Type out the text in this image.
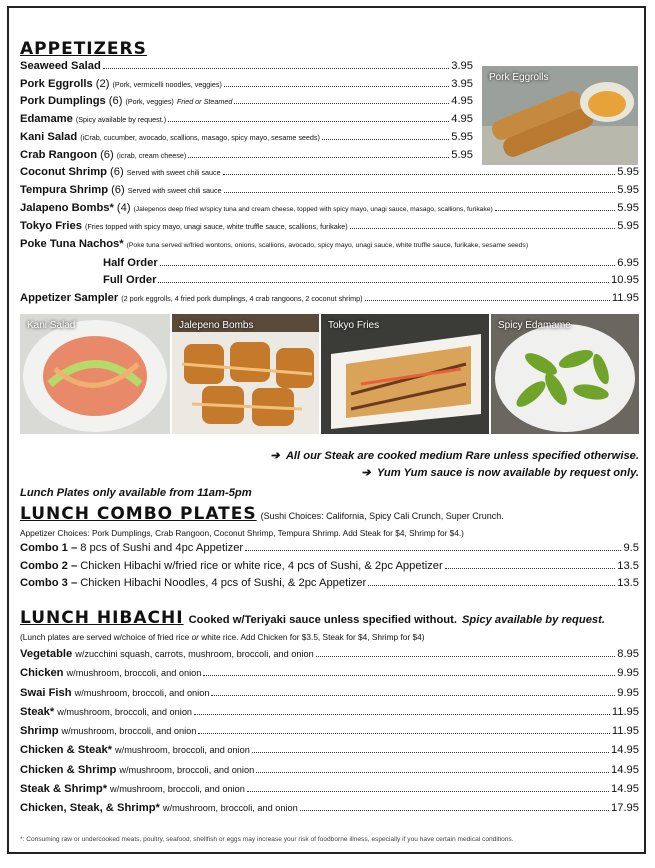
APPETIZERS
Seaweed Salad	3.95
Pork Eggrolls (2) (Pork, vermicelli noodles, veggies)	3.95
Pork Dumplings (6) (Pork, veggies) Fried or Steamed	4.95
Edamame (Spicy available by request.)	4.95
Kani Salad (iCrab, cucumber, avocado, scallions, masago, spicy mayo, sesame seeds)	5.95
Crab Rangoon (6) (icrab, cream cheese)	5.95
Coconut Shrimp (6) Served with sweet chili sauce	5.95
Tempura Shrimp (6) Served with sweet chili sauce	5.95
Jalapeno Bombs* (4) (Jalepenos deep fried w/spicy tuna and cream cheese, topped with spicy mayo, unagi sauce, masago, scallions, furikake)	5.95
Tokyo Fries (Fries topped with spicy mayo, unagi sauce, white truffle sauce, scallions, furikake)	5.95
Poke Tuna Nachos* (Poke tuna served w/fried wontons, onions, scallions, avocado, spicy mayo, unagi sauce, white truffle sauce, furikake, sesame seeds)
Half Order	6.95
Full Order	10.95
Appetizer Sampler (2 pork eggrolls, 4 fried pork dumplings, 4 crab rangoons, 2 coconut shrimp)	11.95
Pork Eggrolls
Kani Salad	Jalepeno Bombs	Tokyo Fries	Spicy Edamame
➔ All our Steak are cooked medium Rare unless specified otherwise.
➔ Yum Yum sauce is now available by request only.
Lunch Plates only available from 11am-5pm
LUNCH COMBO PLATES (Sushi Choices: California, Spicy Cali Crunch, Super Crunch.
Appetizer Choices: Pork Dumplings, Crab Rangoon, Coconut Shrimp, Tempura Shrimp. Add Steak for $4, Shrimp for $4.)
Combo 1 – 8 pcs of Sushi and 4pc Appetizer	9.5
Combo 2 – Chicken Hibachi w/fried rice or white rice, 4 pcs of Sushi, & 2pc Appetizer	13.5
Combo 3 – Chicken Hibachi Noodles, 4 pcs of Sushi, & 2pc Appetizer	13.5
LUNCH HIBACHI Cooked w/Teriyaki sauce unless specified without. Spicy available by request.
(Lunch plates are served w/choice of fried rice or white rice. Add Chicken for $3.5, Steak for $4, Shrimp for $4)
Vegetable w/zucchini squash, carrots, mushroom, broccoli, and onion	8.95
Chicken w/mushroom, broccoli, and onion	9.95
Swai Fish w/mushroom, broccoli, and onion	9.95
Steak* w/mushroom, broccoli, and onion	11.95
Shrimp w/mushroom, broccoli, and onion	11.95
Chicken & Steak* w/mushroom, broccoli, and onion	14.95
Chicken & Shrimp w/mushroom, broccoli, and onion	14.95
Steak & Shrimp* w/mushroom, broccoli, and onion	14.95
Chicken, Steak, & Shrimp* w/mushroom, broccoli, and onion	17.95
*: Consuming raw or undercooked meats, poultry, seafood, shellfish or eggs may increase your risk of foodborne illness, especially if you have certain medical conditions.
